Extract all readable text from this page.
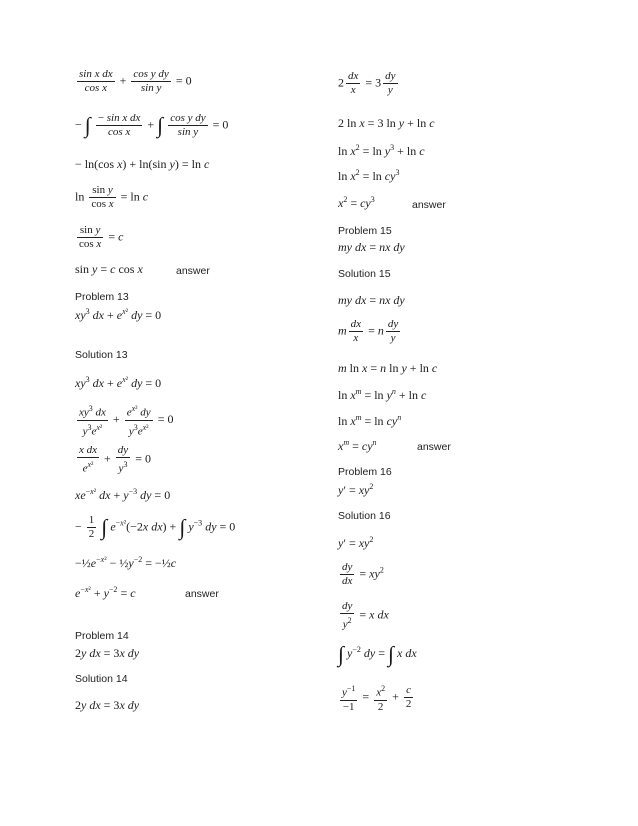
$\frac{\text{sin x dx}}{\text{cos x}} + \frac{\text{cos y dy}}{\text{sin y}} = 0$
− ∫ $\frac{\text{− sin x dx}}{\text{cos x}}$ + ∫ $\frac{\text{cos y dy}}{\text{sin y}} = 0$
− ln(cos x) + ln(sin y) = ln c
$\ln \frac{\text{sin y}}{\text{cos x}} = \ln c$
$\frac{\text{sin y}}{\text{cos x}} = c$
sin y = c cos x	answer
Problem 13
$xy^3$ dx + $e^{x^2}$ dy = 0
Solution 13
$xy^3$ dx + $e^{x^2}$ dy = 0
$\frac{xy^3 dx}{y^3e^{x^2}} + \frac{e^{x^2} dy}{y^3e^{x^2}} = 0$
$\frac{\text{x dx}}{e^{x^2}} + \frac{dy}{y^3} = 0$
$xe^{-x^2}$ dx + $y^{-3}$ dy = 0
− $\frac{1}{2}$ ∫ $e^{-x^2}(-2x$ dx) + ∫ $y^{-3}$ dy = 0
$-\frac{1}{2}e^{-x^2}$ − $\frac{1}{2}y^{-2}$ = −½c
$e^{-x^2} + y^{-2} = c$	answer
Problem 14
2y dx = 3x dy
Solution 14
2y dx = 3x dy
$2 \frac{dx}{x} = 3 \frac{dy}{y}$
2 ln x = 3 ln y + ln c
$\ln x^2 = \ln y^3 + \ln c$
$\ln x^2 = \ln cy^3$
$x^2 = cy^3$	answer
Problem 15
my dx = nx dy
Solution 15
my dx = nx dy
m $\frac{dx}{x} = n \frac{dy}{y}$
m ln x = n ln y + ln c
$\ln x^m = \ln y^n + \ln c$
$\ln x^m = \ln cy^n$
$x^m = cy^n$	answer
Problem 16
$y' = xy^2$
Solution 16
$y' = xy^2$
$\frac{dy}{dx} = xy^2$
$\frac{dy}{y^2} = x$ dx
∫ $y^{-2}$ dy = ∫ x dx
$\frac{y^{-1}}{-1} = \frac{x^2}{2} + \frac{c}{2}$
